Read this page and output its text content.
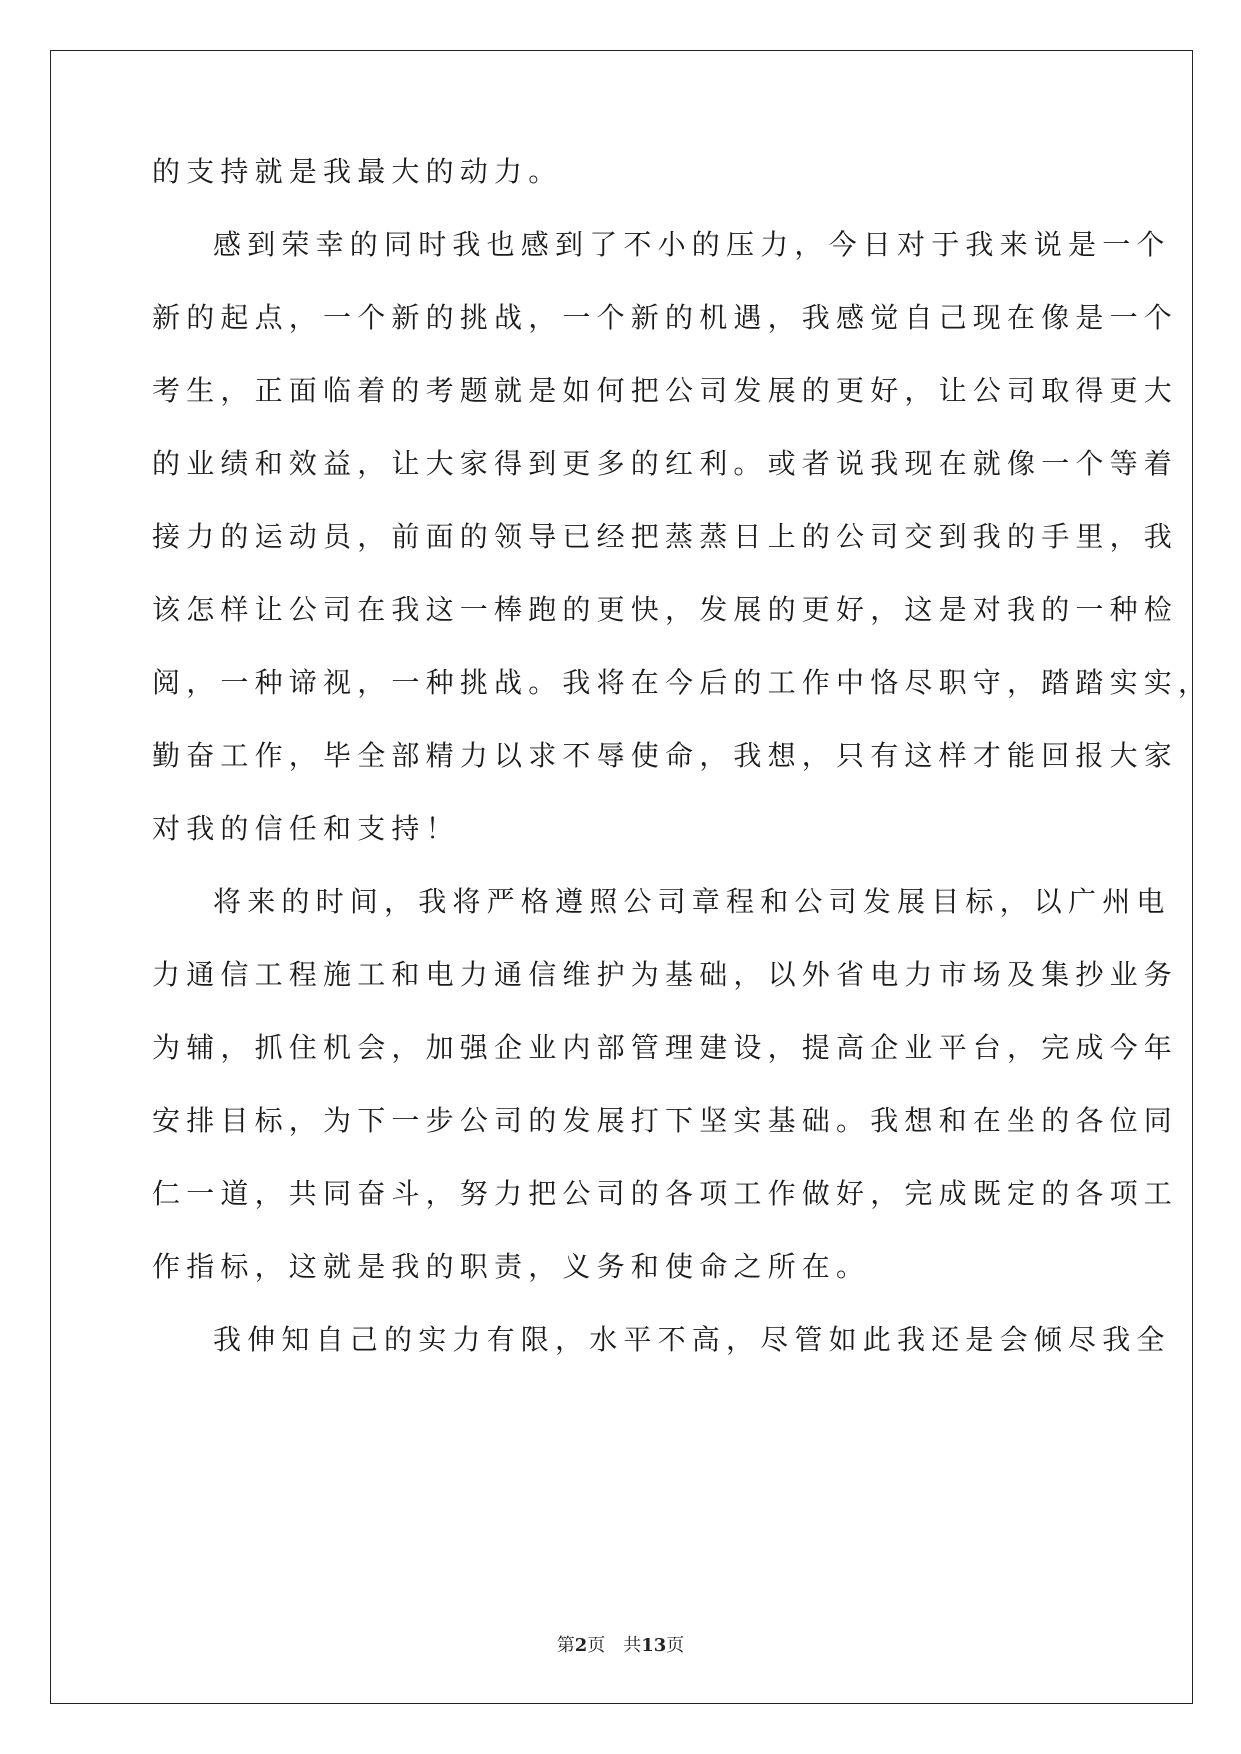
的支持就是我最大的动力。
感到荣幸的同时我也感到了不小的压力，今日对于我来说是一个
新的起点，一个新的挑战，一个新的机遇，我感觉自己现在像是一个
考生，正面临着的考题就是如何把公司发展的更好，让公司取得更大
的业绩和效益，让大家得到更多的红利。或者说我现在就像一个等着
接力的运动员，前面的领导已经把蒸蒸日上的公司交到我的手里，我
该怎样让公司在我这一棒跑的更快，发展的更好，这是对我的一种检
阅，一种谛视，一种挑战。我将在今后的工作中恪尽职守，踏踏实实，
勤奋工作，毕全部精力以求不辱使命，我想，只有这样才能回报大家
对我的信任和支持！
将来的时间，我将严格遵照公司章程和公司发展目标，以广州电
力通信工程施工和电力通信维护为基础，以外省电力市场及集抄业务
为辅，抓住机会，加强企业内部管理建设，提高企业平台，完成今年
安排目标，为下一步公司的发展打下坚实基础。我想和在坐的各位同
仁一道，共同奋斗，努力把公司的各项工作做好，完成既定的各项工
作指标，这就是我的职责，义务和使命之所在。
我伸知自己的实力有限，水平不高，尽管如此我还是会倾尽我全
第2页 共13页
